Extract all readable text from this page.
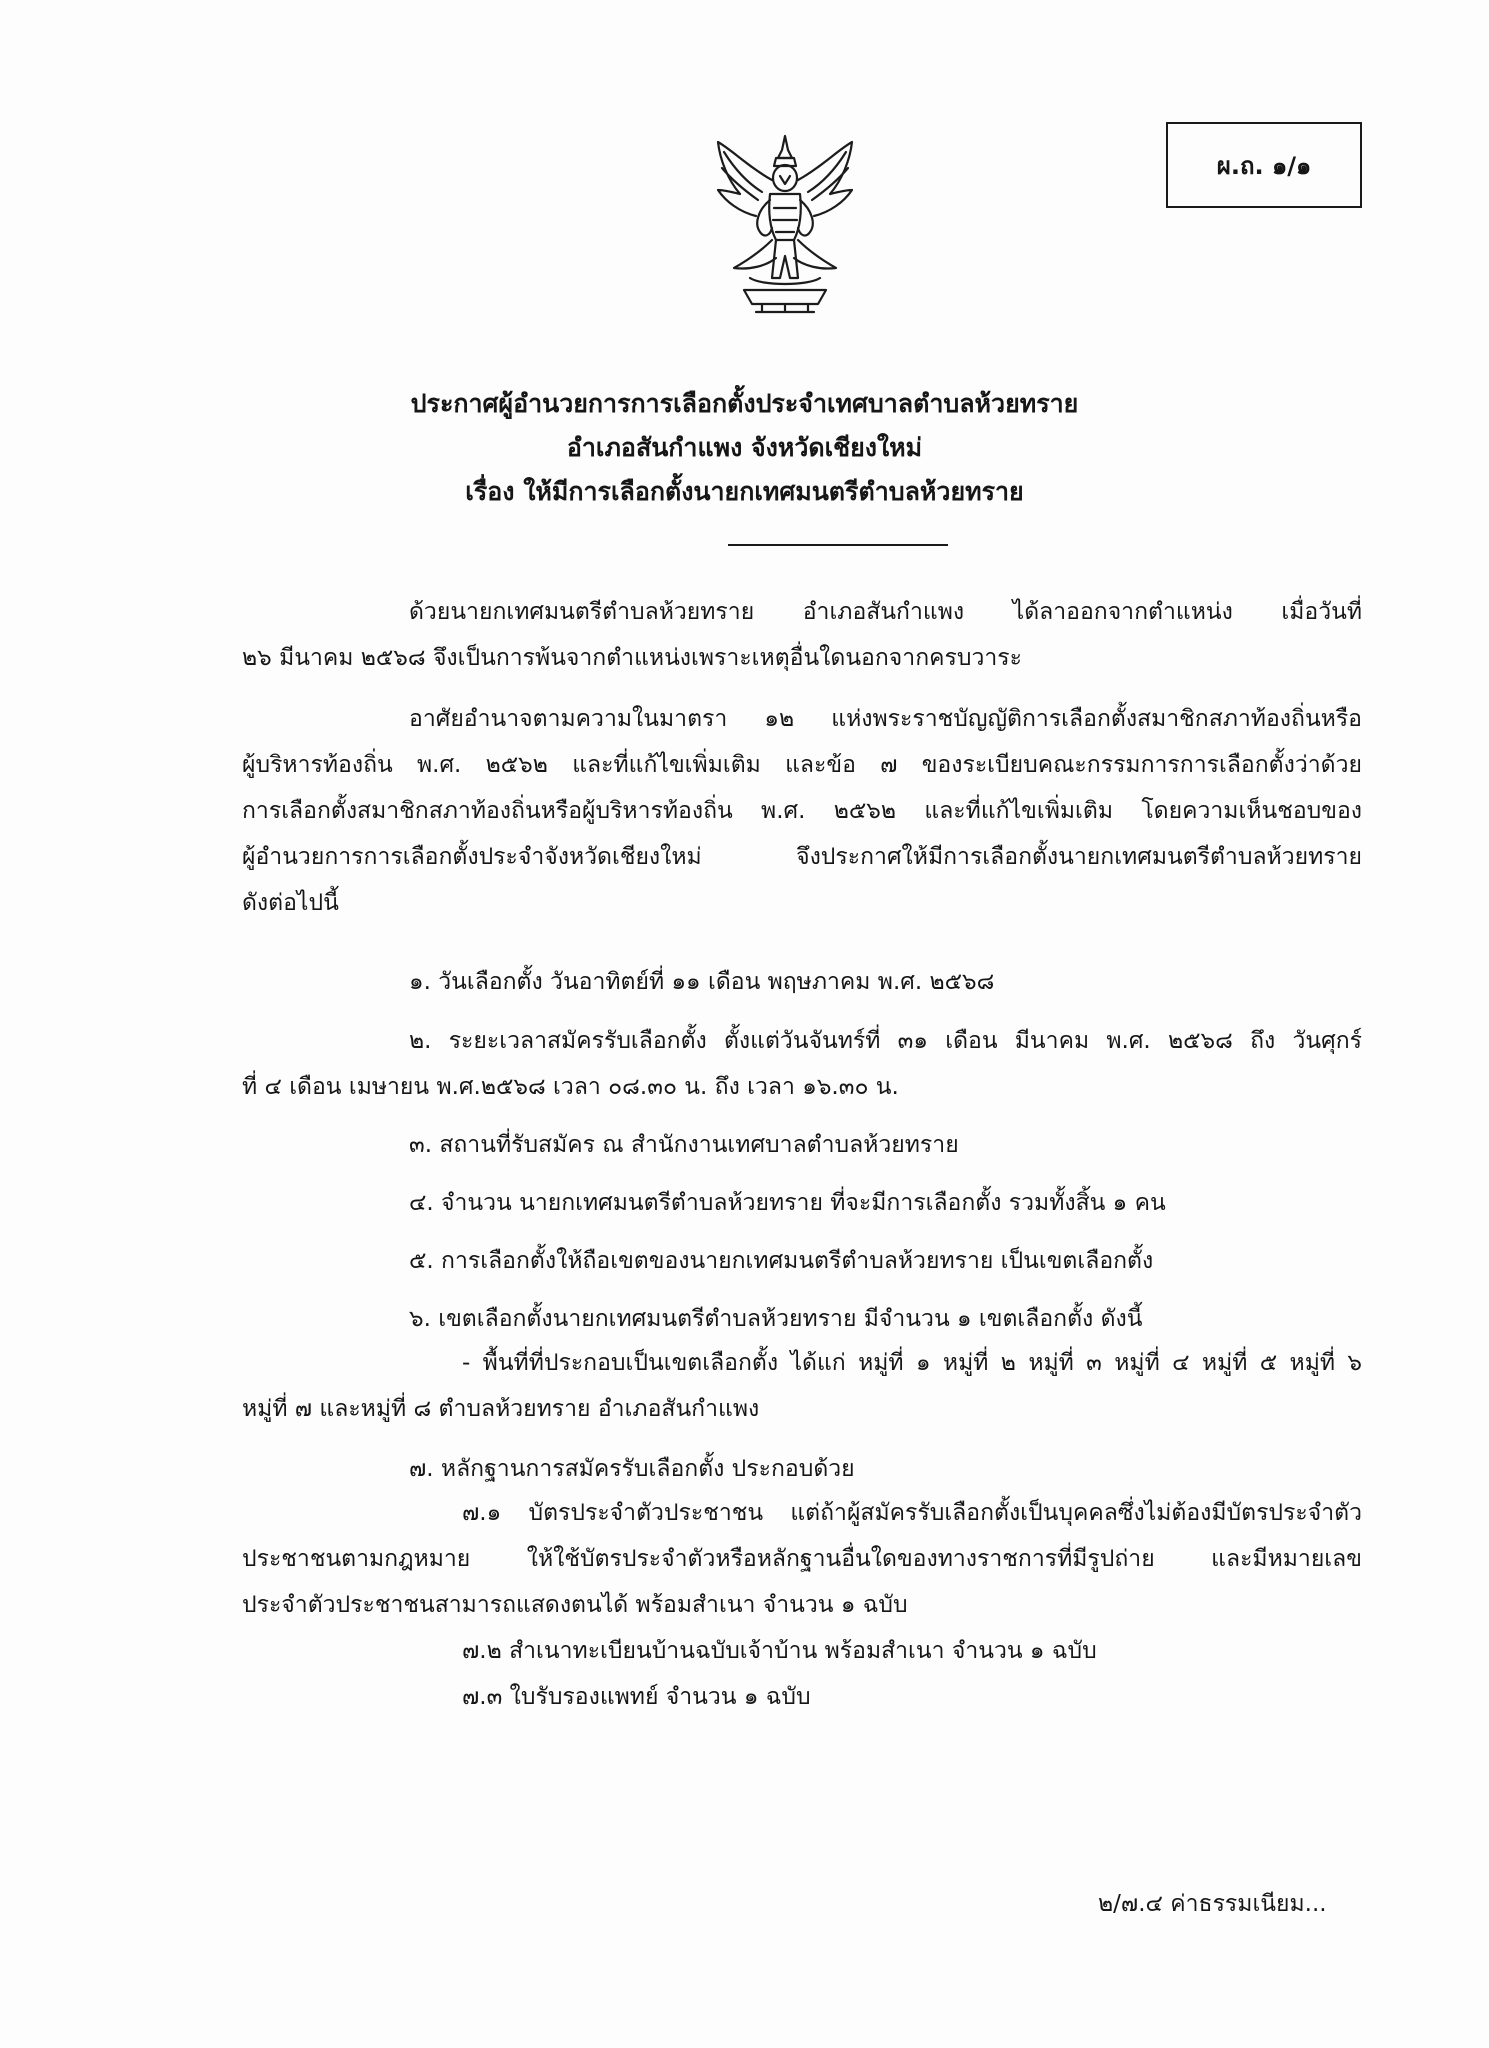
ผ.ถ. ๑/๑
ประกาศผู้อำนวยการการเลือกตั้งประจำเทศบาลตำบลห้วยทราย
อำเภอสันกำแพง จังหวัดเชียงใหม่
เรื่อง ให้มีการเลือกตั้งนายกเทศมนตรีตำบลห้วยทราย
ด้วยนายกเทศมนตรีตำบลห้วยทราย อำเภอสันกำแพง ได้ลาออกจากตำแหน่ง เมื่อวันที่
๒๖ มีนาคม ๒๕๖๘ จึงเป็นการพ้นจากตำแหน่งเพราะเหตุอื่นใดนอกจากครบวาระ
อาศัยอำนาจตามความในมาตรา ๑๒ แห่งพระราชบัญญัติการเลือกตั้งสมาชิกสภาท้องถิ่นหรือ
ผู้บริหารท้องถิ่น พ.ศ. ๒๕๖๒ และที่แก้ไขเพิ่มเติม และข้อ ๗ ของระเบียบคณะกรรมการการเลือกตั้งว่าด้วย
การเลือกตั้งสมาชิกสภาท้องถิ่นหรือผู้บริหารท้องถิ่น พ.ศ. ๒๕๖๒ และที่แก้ไขเพิ่มเติม โดยความเห็นชอบของ
ผู้อำนวยการการเลือกตั้งประจำจังหวัดเชียงใหม่ จึงประกาศให้มีการเลือกตั้งนายกเทศมนตรีตำบลห้วยทราย
ดังต่อไปนี้
๑. วันเลือกตั้ง วันอาทิตย์ที่ ๑๑ เดือน พฤษภาคม พ.ศ. ๒๕๖๘
๒. ระยะเวลาสมัครรับเลือกตั้ง ตั้งแต่วันจันทร์ที่ ๓๑ เดือน มีนาคม พ.ศ. ๒๕๖๘ ถึง วันศุกร์
ที่ ๔ เดือน เมษายน พ.ศ.๒๕๖๘ เวลา ๐๘.๓๐ น. ถึง เวลา ๑๖.๓๐ น.
๓. สถานที่รับสมัคร ณ สำนักงานเทศบาลตำบลห้วยทราย
๔. จำนวน นายกเทศมนตรีตำบลห้วยทราย ที่จะมีการเลือกตั้ง รวมทั้งสิ้น ๑ คน
๕. การเลือกตั้งให้ถือเขตของนายกเทศมนตรีตำบลห้วยทราย เป็นเขตเลือกตั้ง
๖. เขตเลือกตั้งนายกเทศมนตรีตำบลห้วยทราย มีจำนวน ๑ เขตเลือกตั้ง ดังนี้
- พื้นที่ที่ประกอบเป็นเขตเลือกตั้ง ได้แก่ หมู่ที่ ๑ หมู่ที่ ๒ หมู่ที่ ๓ หมู่ที่ ๔ หมู่ที่ ๕ หมู่ที่ ๖
หมู่ที่ ๗ และหมู่ที่ ๘ ตำบลห้วยทราย อำเภอสันกำแพง
๗. หลักฐานการสมัครรับเลือกตั้ง ประกอบด้วย
๗.๑ บัตรประจำตัวประชาชน แต่ถ้าผู้สมัครรับเลือกตั้งเป็นบุคคลซึ่งไม่ต้องมีบัตรประจำตัว
ประชาชนตามกฎหมาย ให้ใช้บัตรประจำตัวหรือหลักฐานอื่นใดของทางราชการที่มีรูปถ่าย และมีหมายเลข
ประจำตัวประชาชนสามารถแสดงตนได้ พร้อมสำเนา จำนวน ๑ ฉบับ
๗.๒ สำเนาทะเบียนบ้านฉบับเจ้าบ้าน พร้อมสำเนา จำนวน ๑ ฉบับ
๗.๓ ใบรับรองแพทย์ จำนวน ๑ ฉบับ
๒/๗.๔ ค่าธรรมเนียม...
